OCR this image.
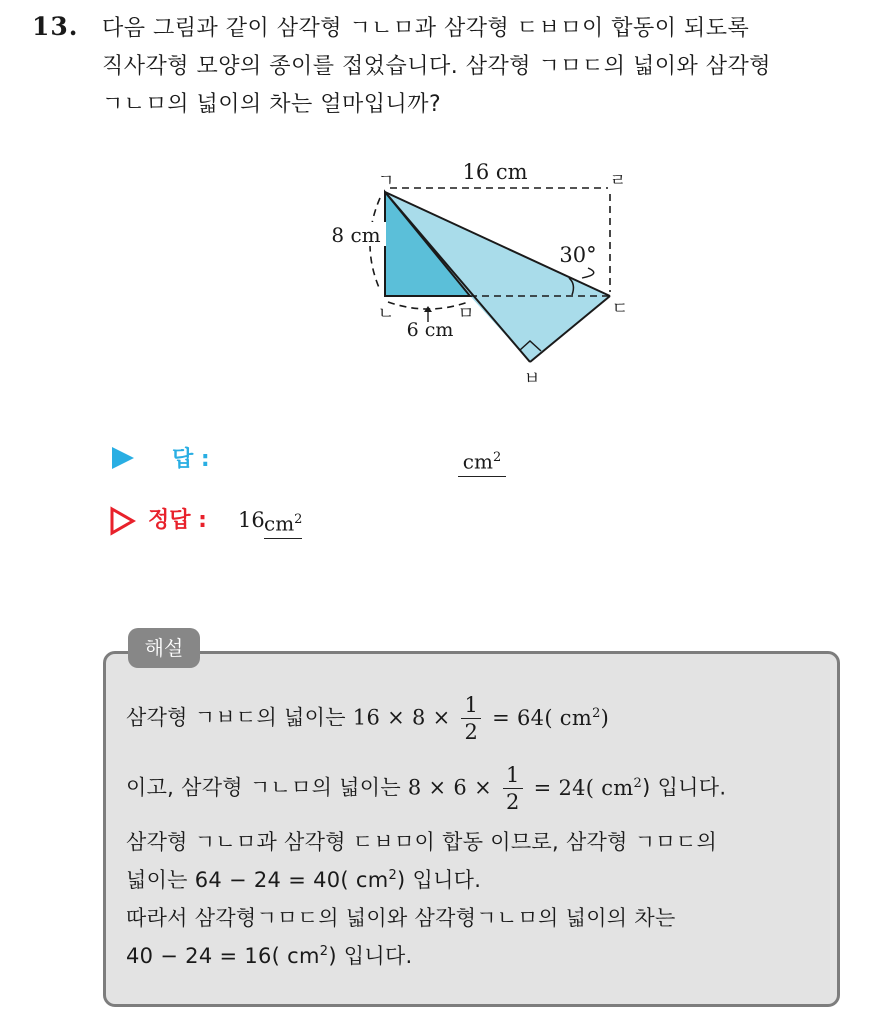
13. 다음 그림과 같이 삼각형 ㄱㄴㅁ과 삼각형 ㄷㅂㅁ이 합동이 되도록
직사각형 모양의 종이를 접었습니다. 삼각형 ㄱㅁㄷ의 넓이와 삼각형
ㄱㄴㅁ의 넓이의 차는 얼마입니까?
16 cm
8 cm
6 cm
30°
ㄱ	ㄹ
ㄴ	ㅁ	ㄷ
ㅂ
답 :	$cm^2$
정답 : 16 $cm^2$
해설
삼각형 ㄱㅂㄷ의 넓이는 $16 \times 8 \times \frac{1}{2} = 64$( $cm^2$)
이고, 삼각형 ㄱㄴㅁ의 넓이는 $8 \times 6 \times \frac{1}{2} = 24$( $cm^2$) 입니다.
삼각형 ㄱㄴㅁ과 삼각형 ㄷㅂㅁ이 합동 이므로, 삼각형 ㄱㅁㄷ의
넓이는 64 − 24 = 40( $cm^2$) 입니다.
따라서 삼각형ㄱㅁㄷ의 넓이와 삼각형ㄱㄴㅁ의 넓이의 차는
40 − 24 = 16( $cm^2$) 입니다.
